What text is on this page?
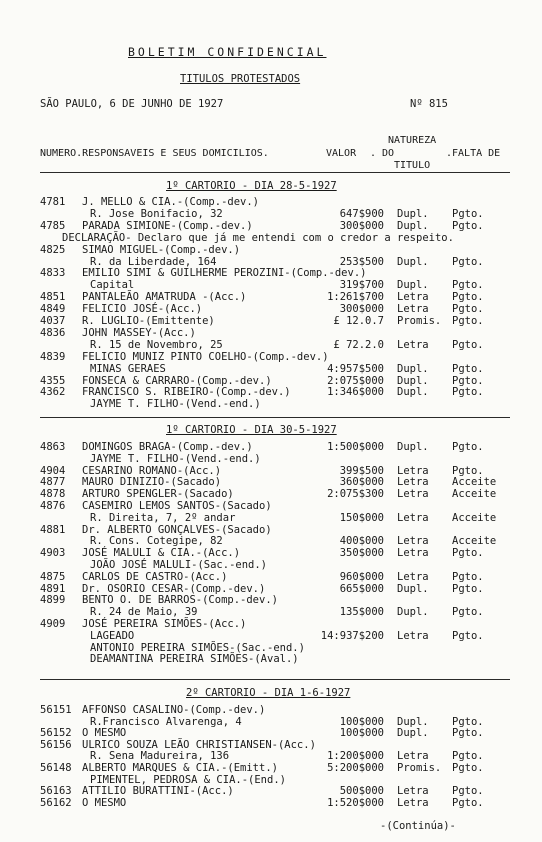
BOLETIM CONFIDENCIAL
TITULOS PROTESTADOS
SÃO PAULO, 6 DE JUNHO DE 1927	Nº 815
NATUREZA
NUMERO.RESPONSAVEIS E SEUS DOMICILIOS.	VALOR . DO	.FALTA DE
TITULO
1º CARTORIO - DIA 28-5-1927
4781 J. MELLO & CIA.-(Comp.-dev.)
R. Jose Bonifacio, 32	647$900 Dupl. Pgto.
4785 PARADA SIMIONE-(Comp.-dev.)	300$000 Dupl. Pgto.
DECLARAÇÃO- Declaro que já me entendi com o credor a respeito.
4825 SIMAO MIGUEL-(Comp.-dev.)
R. da Liberdade, 164	253$500 Dupl. Pgto.
4833 EMILIO SIMI & GUILHERME PEROZINI-(Comp.-dev.)
Capital	319$700 Dupl. Pgto.
4851 PANTALEÃO AMATRUDA -(Acc.)	1:261$700 Letra Pgto.
4849 FELICIO JOSÉ-(Acc.)	300$000 Letra Pgto.
4037 R. LUGLIO-(Emittente)	£ 12.0.7 Promis. Pgto.
4836 JOHN MASSEY-(Acc.)
R. 15 de Novembro, 25	£ 72.2.0 Letra Pgto.
4839 FELICIO MUNIZ PINTO COELHO-(Comp.-dev.)
MINAS GERAES	4:957$500 Dupl. Pgto.
4355 FONSECA & CARRARO-(Comp.-dev.)	2:075$000 Dupl. Pgto.
4362 FRANCISCO S. RIBEIRO-(Comp.-dev.)	1:346$000 Dupl. Pgto.
JAYME T. FILHO-(Vend.-end.)
1º CARTORIO - DIA 30-5-1927
4863 DOMINGOS BRAGA-(Comp.-dev.)	1:500$000 Dupl. Pgto.
JAYME T. FILHO-(Vend.-end.)
4904 CESARINO ROMANO-(Acc.)	399$500 Letra Pgto.
4877 MAURO DINIZIO-(Sacado)	360$000 Letra Acceite
4878 ARTURO SPENGLER-(Sacado)	2:075$300 Letra Acceite
4876 CASEMIRO LEMOS SANTOS-(Sacado)
R. Direita, 7, 2º andar	150$000 Letra Acceite
4881 Dr. ALBERTO GONÇALVES-(Sacado)
R. Cons. Cotegipe, 82	400$000 Letra Acceite
4903 JOSÉ MALULI & CIA.-(Acc.)	350$000 Letra Pgto.
JOÃO JOSÉ MALULI-(Sac.-end.)
4875 CARLOS DE CASTRO-(Acc.)	960$000 Letra Pgto.
4891 Dr. OSORIO CESAR-(Comp.-dev.)	665$000 Dupl. Pgto.
4899 BENTO O. DE BARROS-(Comp.-dev.)
R. 24 de Maio, 39	135$000 Dupl. Pgto.
4909 JOSÉ PEREIRA SIMÕES-(Acc.)
LAGEADO	14:937$200 Letra Pgto.
ANTONIO PEREIRA SIMÕES-(Sac.-end.)
DEAMANTINA PEREIRA SIMÕES-(Aval.)
2º CARTORIO - DIA 1-6-1927
56151 AFFONSO CASALINO-(Comp.-dev.)
R.Francisco Alvarenga, 4	100$000 Dupl. Pgto.
56152 O MESMO	100$000 Dupl. Pgto.
56156 ULRICO SOUZA LEÃO CHRISTIANSEN-(Acc.)
R. Sena Madureira, 136	1:200$000 Letra Pgto.
56148 ALBERTO MARQUES & CIA.-(Emitt.)	5:200$000 Promis. Pgto.
PIMENTEL, PEDROSA & CIA.-(End.)
56163 ATTILIO BURATTINI-(Acc.)	500$000 Letra Pgto.
56162 O MESMO	1:520$000 Letra Pgto.
-(Continúa)-
